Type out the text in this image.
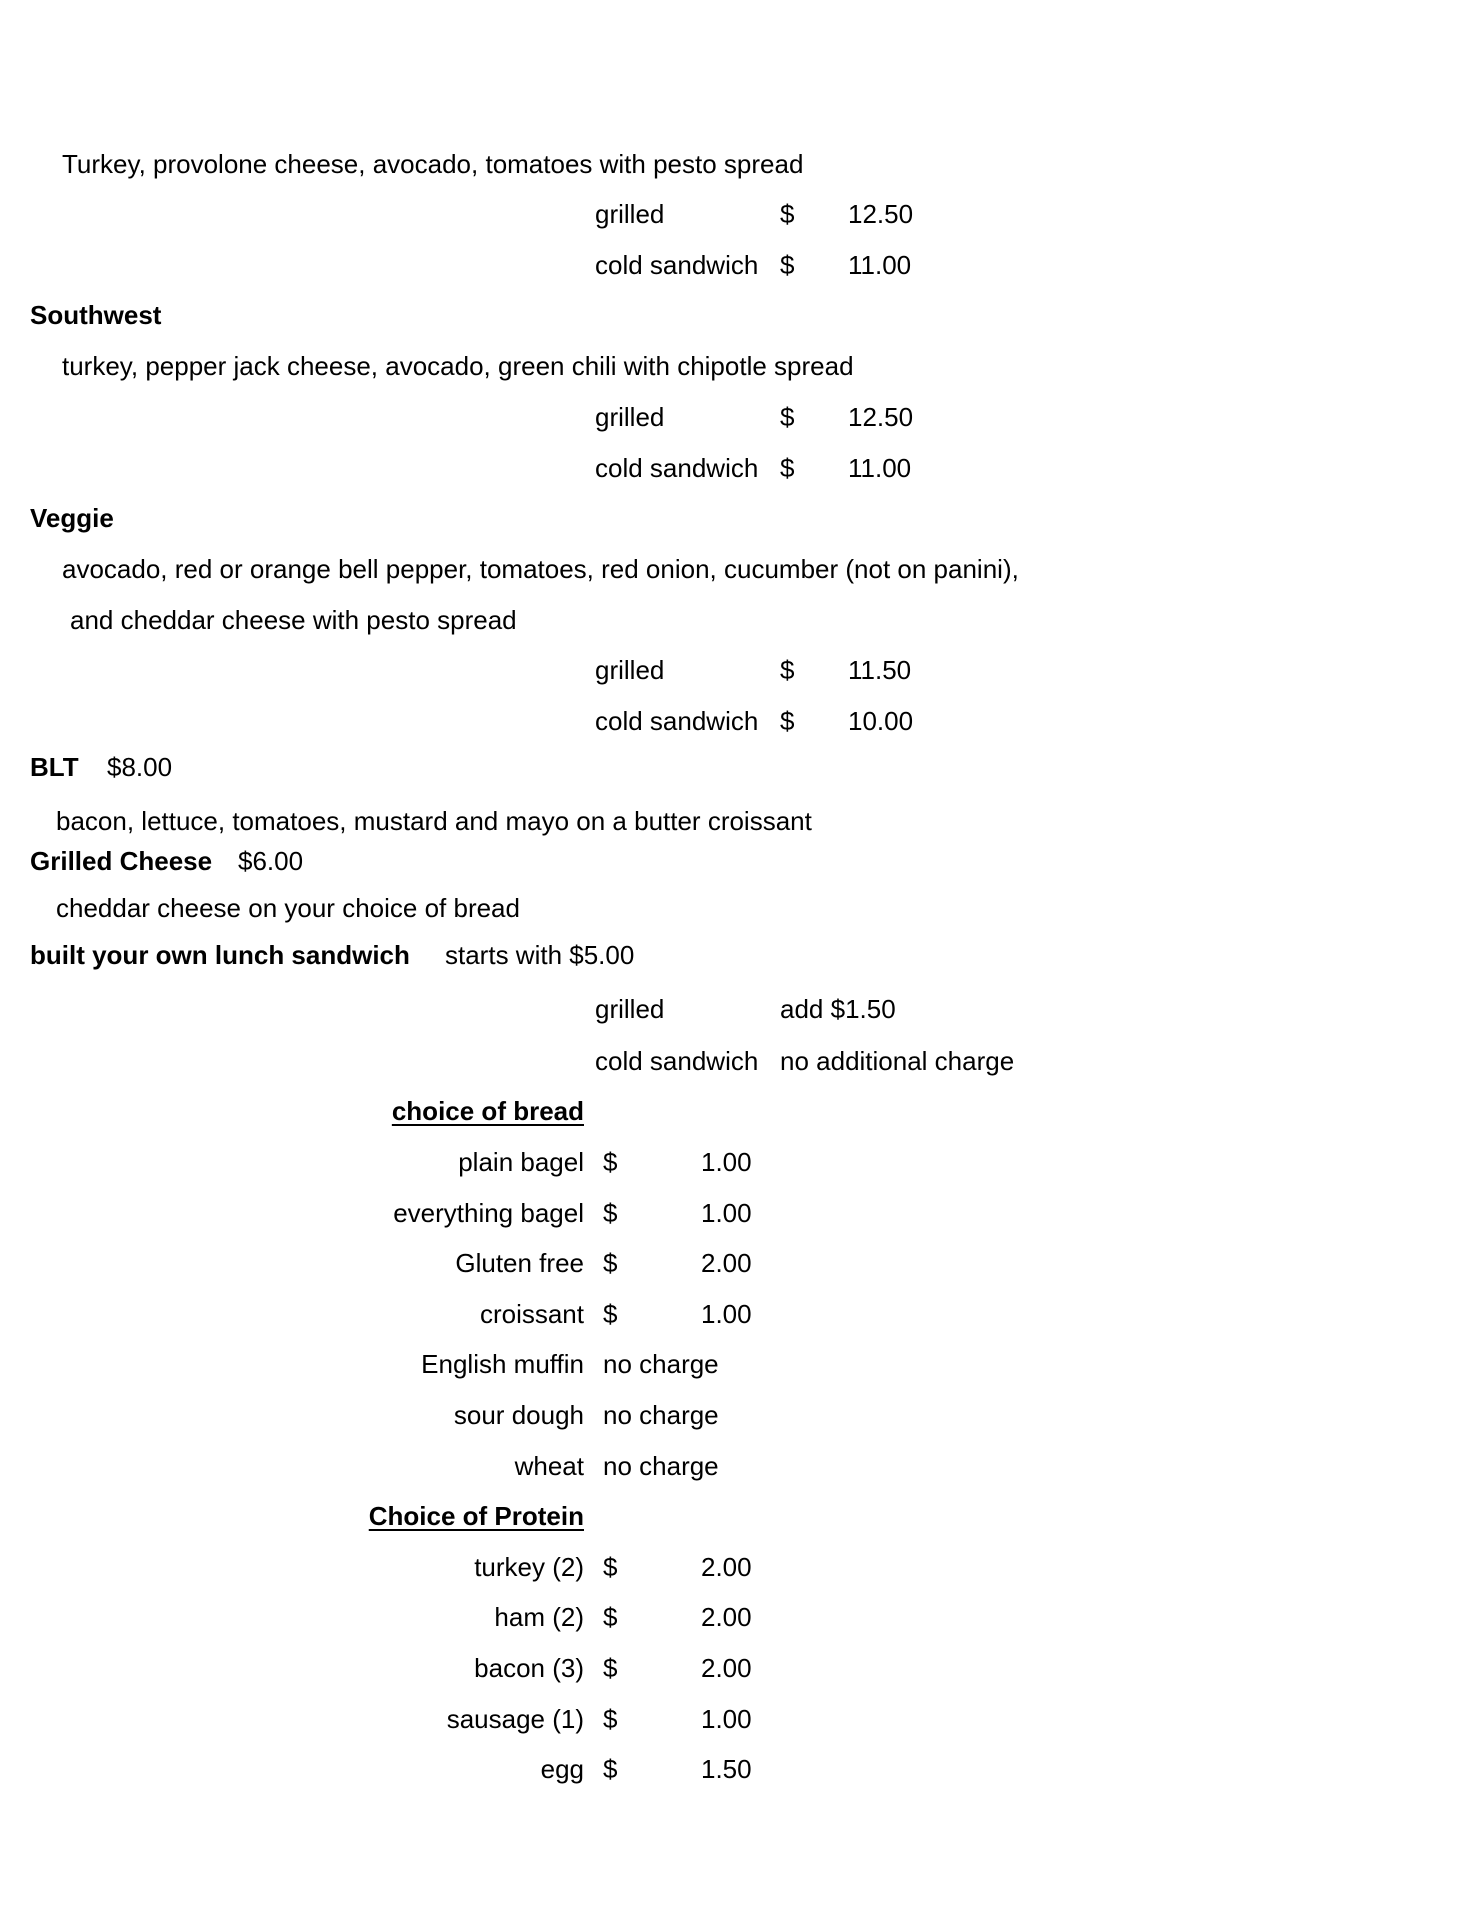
Turkey, provolone cheese, avocado, tomatoes with pesto spread
grilled	$ 12.50
cold sandwich $ 11.00
Southwest
turkey, pepper jack cheese, avocado, green chili with chipotle spread
grilled	$ 12.50
cold sandwich $ 11.00
Veggie
avocado, red or orange bell pepper, tomatoes, red onion, cucumber (not on panini),
and cheddar cheese with pesto spread
grilled	$ 11.50
cold sandwich $ 10.00
BLT $8.00
bacon, lettuce, tomatoes, mustard and mayo on a butter croissant
Grilled Cheese $6.00
cheddar cheese on your choice of bread
built your own lunch sandwich starts with $5.00
grilled	add $1.50
cold sandwich no additional charge
choice of bread
plain bagel $	1.00
everything bagel $	1.00
Gluten free $	2.00
croissant $	1.00
English muffin no charge
sour dough no charge
wheat no charge
Choice of Protein
turkey (2) $	2.00
ham (2) $	2.00
bacon (3) $	2.00
sausage (1) $	1.00
egg $	1.50
